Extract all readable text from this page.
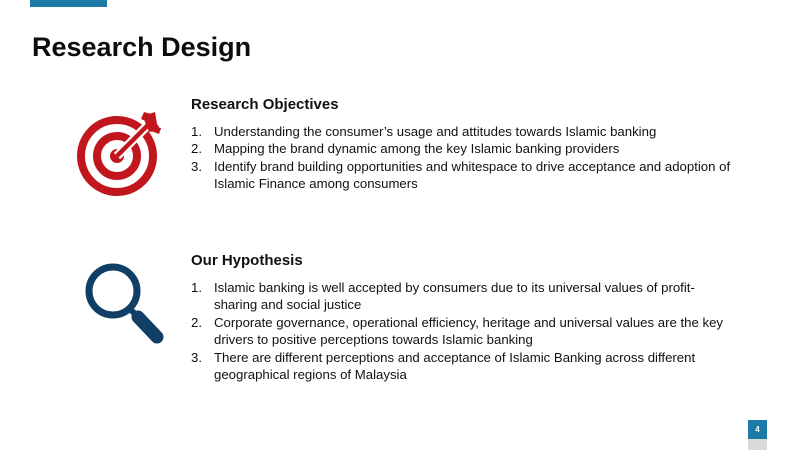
Research Design
Research Objectives
1. Understanding the consumer’s usage and attitudes towards Islamic banking
2. Mapping the brand dynamic among the key Islamic banking providers
3. Identify brand building opportunities and whitespace to drive acceptance and adoption of Islamic Finance among consumers
Our Hypothesis
1. Islamic banking is well accepted by consumers due to its universal values of profit-sharing and social justice
2. Corporate governance, operational efficiency, heritage and universal values are the key drivers to positive perceptions towards Islamic banking
3. There are different perceptions and acceptance of Islamic Banking across different geographical regions of Malaysia
4
